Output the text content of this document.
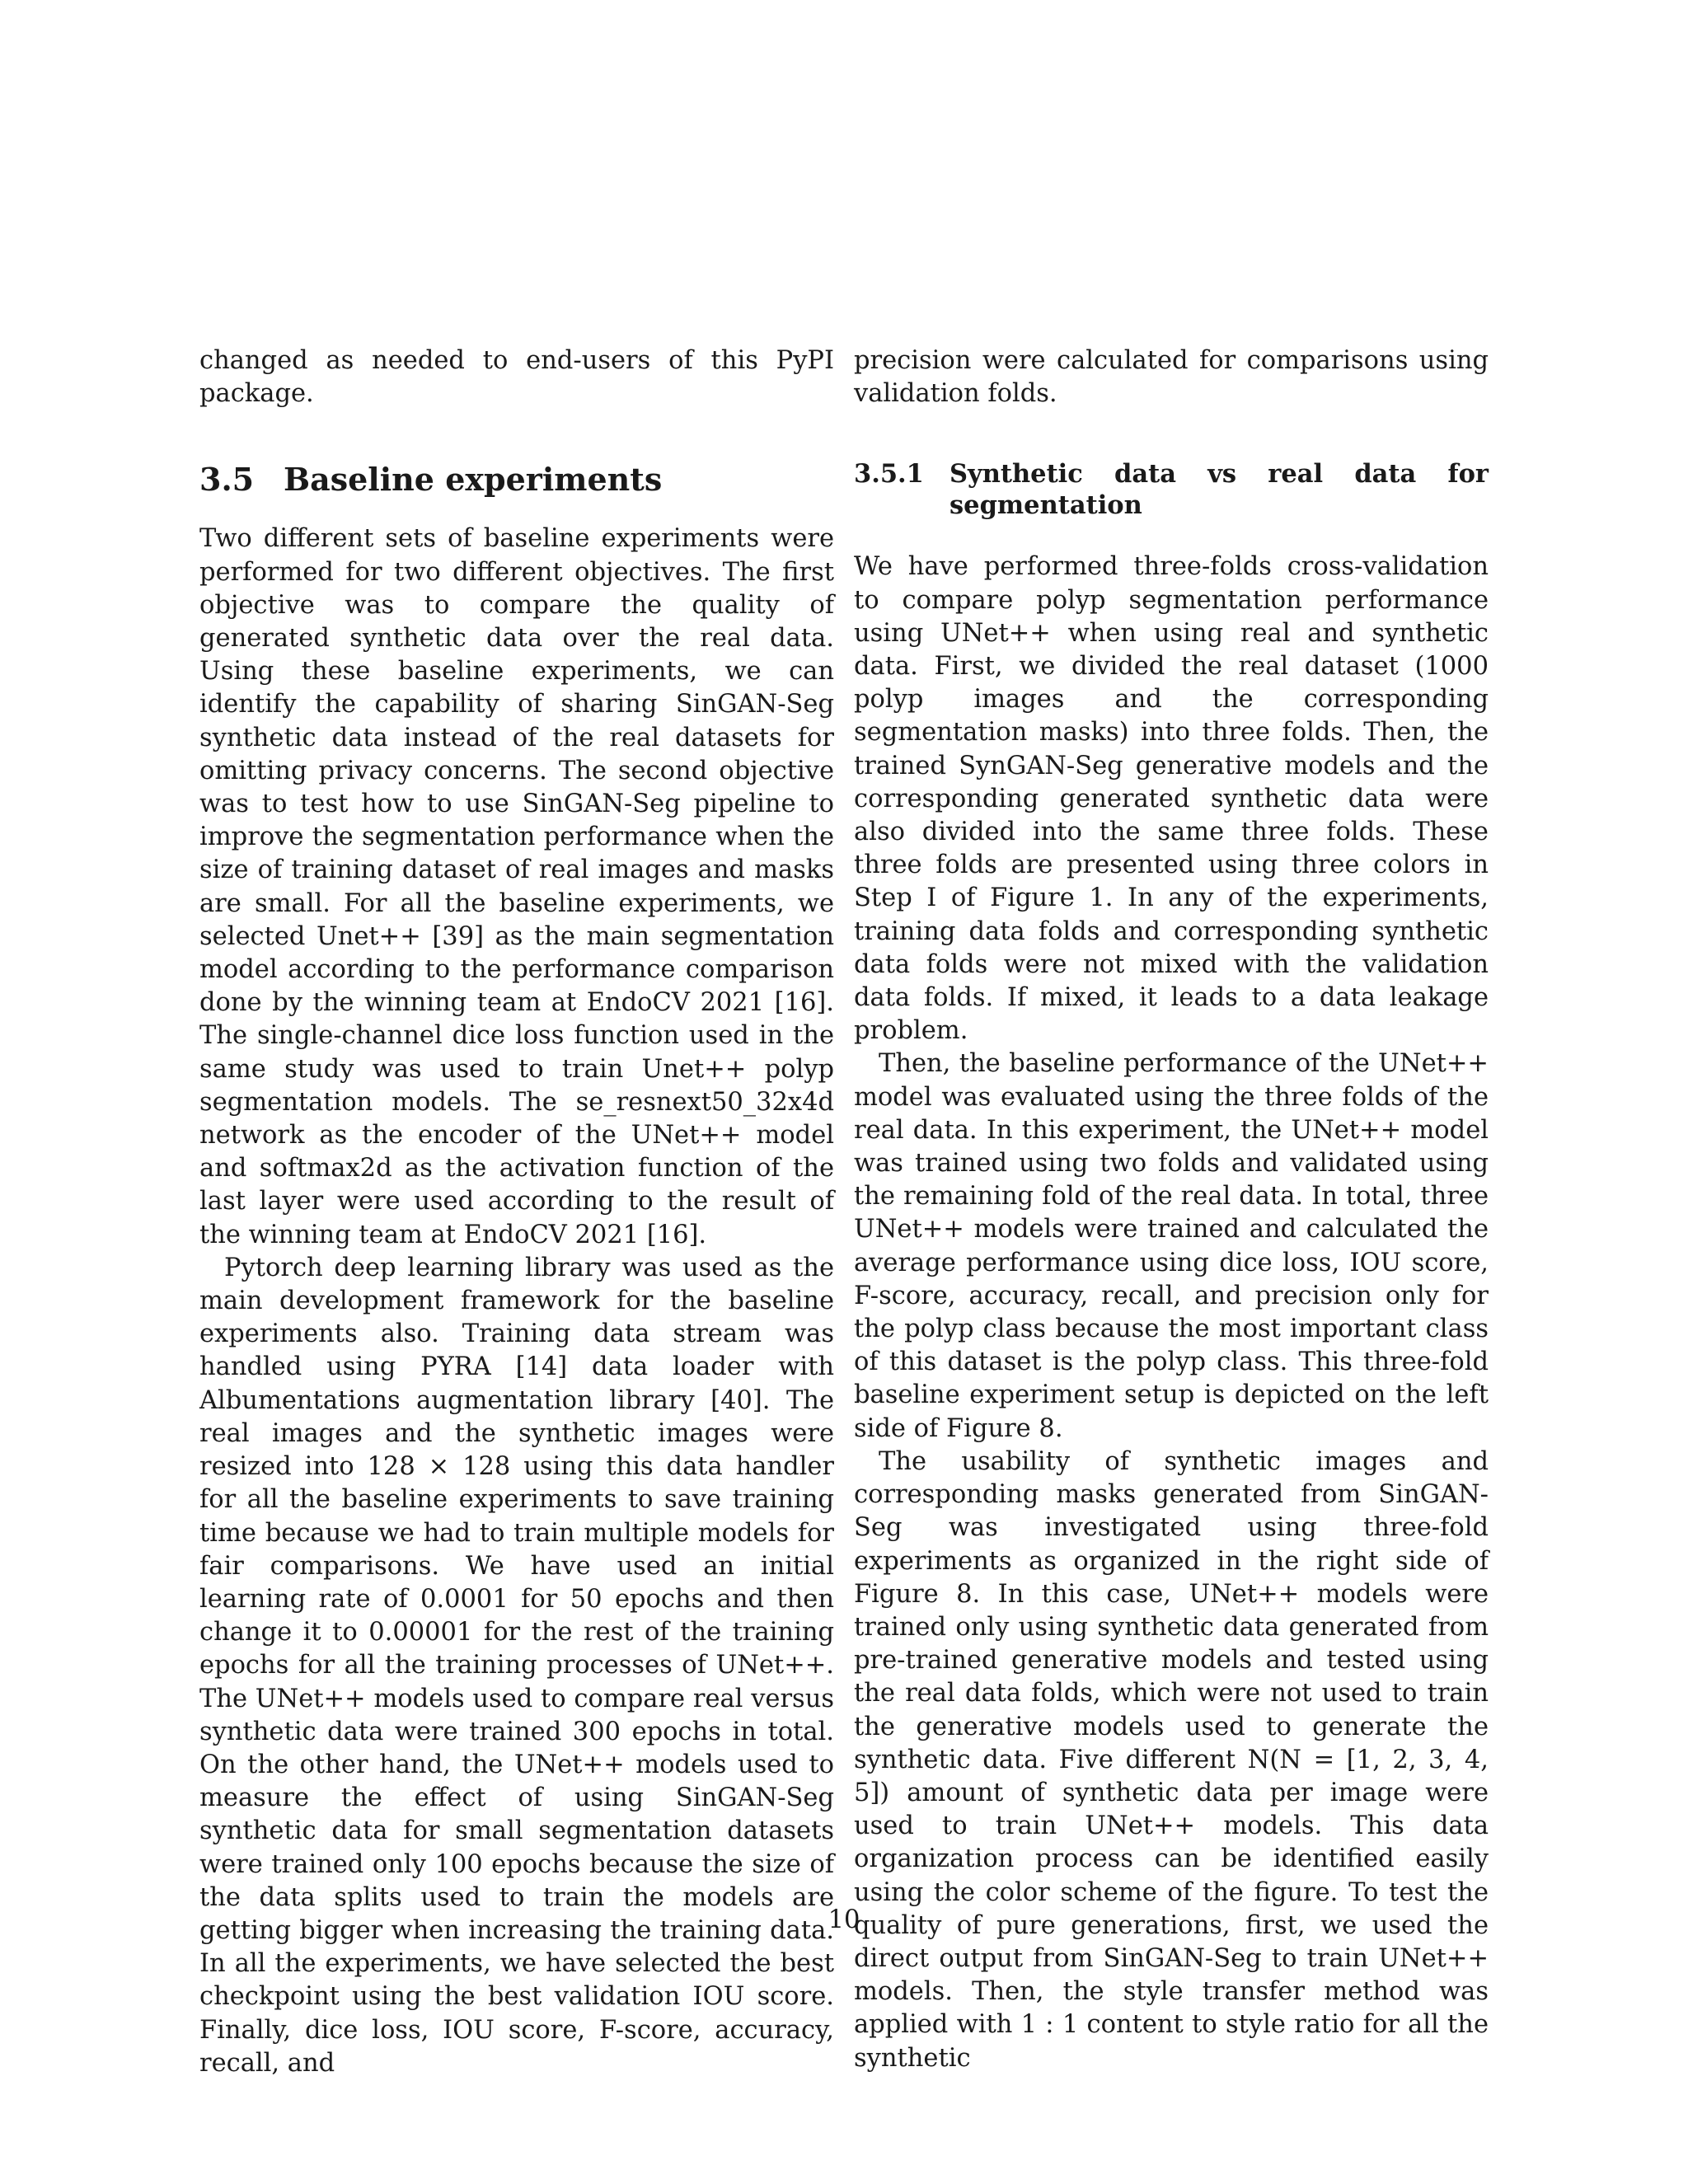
changed as needed to end-users of this PyPI package.

3.5 Baseline experiments

Two different sets of baseline experiments were performed for two different objectives. The first objective was to compare the quality of generated synthetic data over the real data. Using these baseline experiments, we can identify the capability of sharing SinGAN-Seg synthetic data instead of the real datasets for omitting privacy concerns. The second objective was to test how to use SinGAN-Seg pipeline to improve the segmentation performance when the size of training dataset of real images and masks are small. For all the baseline experiments, we selected Unet++ [39] as the main segmentation model according to the performance comparison done by the winning team at EndoCV 2021 [16]. The single-channel dice loss function used in the same study was used to train Unet++ polyp segmentation models. The se_resnext50_32x4d network as the encoder of the UNet++ model and softmax2d as the activation function of the last layer were used according to the result of the winning team at EndoCV 2021 [16].

Pytorch deep learning library was used as the main development framework for the baseline experiments also. Training data stream was handled using PYRA [14] data loader with Albumentations augmentation library [40]. The real images and the synthetic images were resized into 128 × 128 using this data handler for all the baseline experiments to save training time because we had to train multiple models for fair comparisons. We have used an initial learning rate of 0.0001 for 50 epochs and then change it to 0.00001 for the rest of the training epochs for all the training processes of UNet++. The UNet++ models used to compare real versus synthetic data were trained 300 epochs in total. On the other hand, the UNet++ models used to measure the effect of using SinGAN-Seg synthetic data for small segmentation datasets were trained only 100 epochs because the size of the data splits used to train the models are getting bigger when increasing the training data. In all the experiments, we have selected the best checkpoint using the best validation IOU score. Finally, dice loss, IOU score, F-score, accuracy, recall, and

precision were calculated for comparisons using validation folds.

3.5.1	Synthetic data vs real data for segmentation

We have performed three-folds cross-validation to compare polyp segmentation performance using UNet++ when using real and synthetic data. First, we divided the real dataset (1000 polyp images and the corresponding segmentation masks) into three folds. Then, the trained SynGAN-Seg generative models and the corresponding generated synthetic data were also divided into the same three folds. These three folds are presented using three colors in Step I of Figure 1. In any of the experiments, training data folds and corresponding synthetic data folds were not mixed with the validation data folds. If mixed, it leads to a data leakage problem.

Then, the baseline performance of the UNet++ model was evaluated using the three folds of the real data. In this experiment, the UNet++ model was trained using two folds and validated using the remaining fold of the real data. In total, three UNet++ models were trained and calculated the average performance using dice loss, IOU score, F-score, accuracy, recall, and precision only for the polyp class because the most important class of this dataset is the polyp class. This three-fold baseline experiment setup is depicted on the left side of Figure 8.

The usability of synthetic images and corresponding masks generated from SinGAN-Seg was investigated using three-fold experiments as organized in the right side of Figure 8. In this case, UNet++ models were trained only using synthetic data generated from pre-trained generative models and tested using the real data folds, which were not used to train the generative models used to generate the synthetic data. Five different N(N = [1, 2, 3, 4, 5]) amount of synthetic data per image were used to train UNet++ models. This data organization process can be identified easily using the color scheme of the figure. To test the quality of pure generations, first, we used the direct output from SinGAN-Seg to train UNet++ models. Then, the style transfer method was applied with 1 : 1 content to style ratio for all the synthetic

10
